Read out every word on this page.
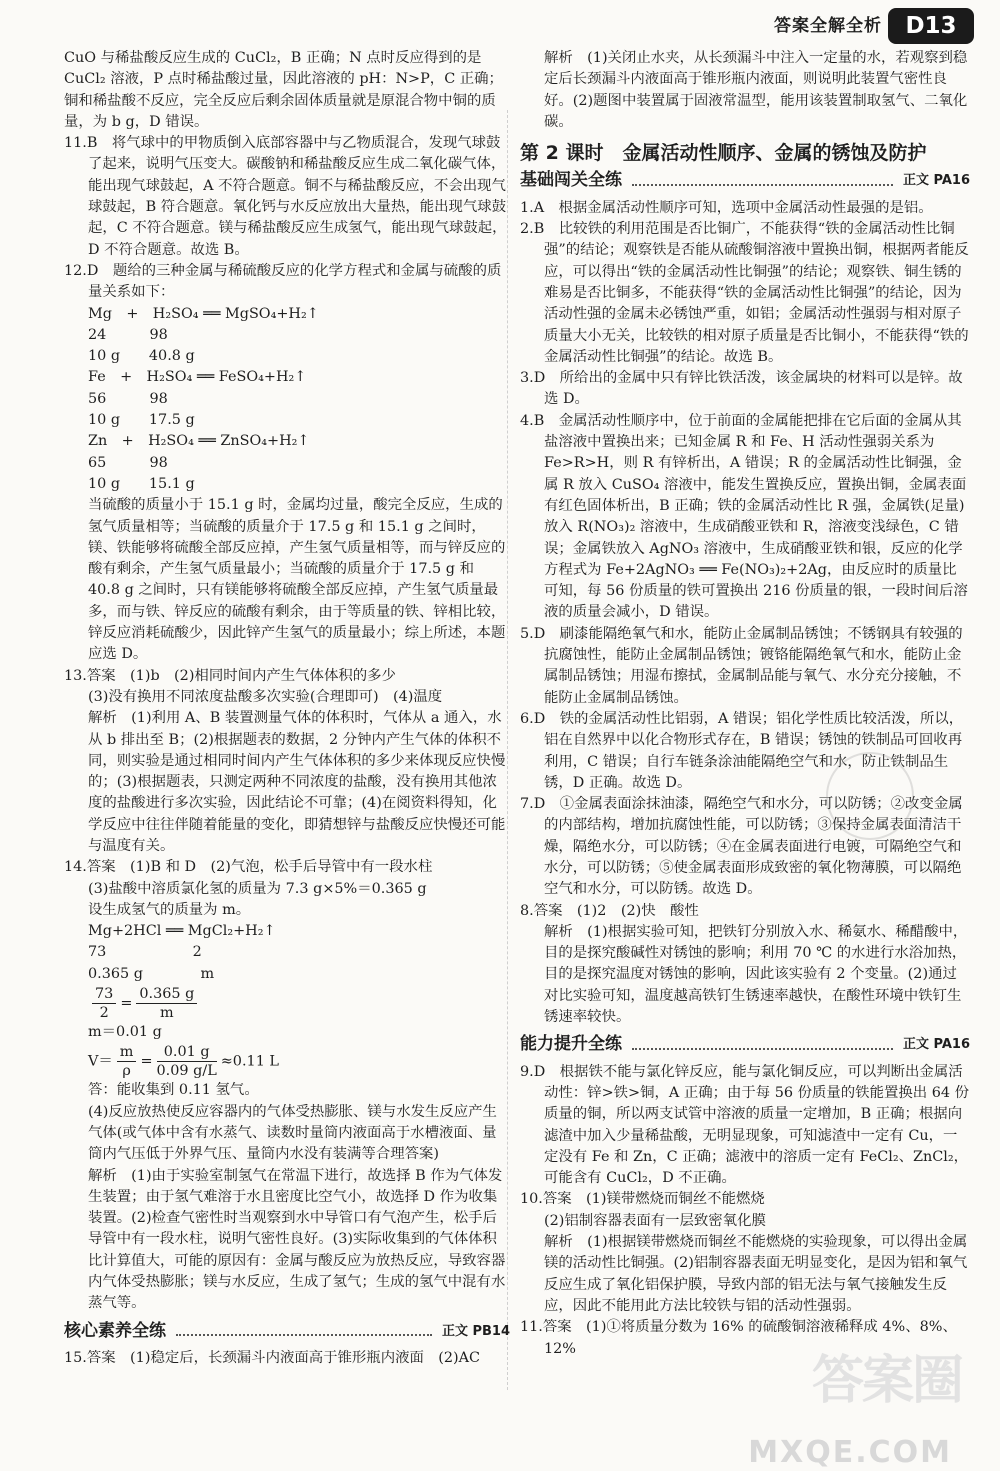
答案全解全析	D13

CuO 与稀盐酸反应生成的 CuCl₂，B 正确；N 点时反应得到的是 CuCl₂ 溶液，P 点时稀盐酸过量，因此溶液的 pH：N>P，C 正确；铜和稀盐酸不反应，完全反应后剩余固体质量就是原混合物中铜的质量，为 b g，D 错误。

11.B　将气球中的甲物质倒入底部容器中与乙物质混合，发现气球鼓了起来，说明气压变大。碳酸钠和稀盐酸反应生成二氧化碳气体，能出现气球鼓起，A 不符合题意。铜不与稀盐酸反应，不会出现气球鼓起，B 符合题意。氧化钙与水反应放出大量热，能出现气球鼓起，C 不符合题意。镁与稀盐酸反应生成氢气，能出现气球鼓起，D 不符合题意。故选 B。

12.D　题给的三种金属与稀硫酸反应的化学方程式和金属与硫酸的质量关系如下：

Mg　+　H₂SO₄ ══ MgSO₄+H₂↑

24　　　98

10 g　　40.8 g

Fe　+　H₂SO₄ ══ FeSO₄+H₂↑

56　　　98

10 g　　17.5 g

Zn　+　H₂SO₄ ══ ZnSO₄+H₂↑

65　　　98

10 g　　15.1 g

当硫酸的质量小于 15.1 g 时，金属均过量，酸完全反应，生成的氢气质量相等；当硫酸的质量介于 17.5 g 和 15.1 g 之间时，镁、铁能够将硫酸全部反应掉，产生氢气质量相等，而与锌反应的酸有剩余，产生氢气质量最小；当硫酸的质量介于 17.5 g 和 40.8 g 之间时，只有镁能够将硫酸全部反应掉，产生氢气质量最多，而与铁、锌反应的硫酸有剩余，由于等质量的铁、锌相比较，锌反应消耗硫酸少，因此锌产生氢气的质量最小；综上所述，本题应选 D。

13.答案　(1)b　(2)相同时间内产生气体体积的多少

(3)没有换用不同浓度盐酸多次实验(合理即可)　(4)温度

解析　(1)利用 A、B 装置测量气体的体积时，气体从 a 通入，水从 b 排出至 B；(2)根据题表的数据，2 分钟内产生气体的体积不同，则实验是通过相同时间内产生气体体积的多少来体现反应快慢的；(3)根据题表，只测定两种不同浓度的盐酸，没有换用其他浓度的盐酸进行多次实验，因此结论不可靠；(4)在阅资料得知，化学反应中往往伴随着能量的变化，即猜想锌与盐酸反应快慢还可能与温度有关。

14.答案　(1)B 和 D　(2)气泡，松手后导管中有一段水柱

(3)盐酸中溶质氯化氢的质量为 7.3 g×5%＝0.365 g

设生成氢气的质量为 m。

Mg+2HCl ══ MgCl₂+H₂↑

73　　　　　　2

0.365 g　　　　m

$\frac{73}{2} = \frac{0.365 g}{m}$

m＝0.01 g

$V= \frac{m}{\rho} = \frac{0.01 g}{0.09 g/L} \approx 0.11$ L

答：能收集到 0.11 氢气。

(4)反应放热使反应容器内的气体受热膨胀、镁与水发生反应产生气体(或气体中含有水蒸气、读数时量筒内液面高于水槽液面、量筒内气压低于外界气压、量筒内水没有装满等合理答案)

解析　(1)由于实验室制氢气在常温下进行，故选择 B 作为气体发生装置；由于氢气难溶于水且密度比空气小，故选择 D 作为收集装置。(2)检查气密性时当观察到水中导管口有气泡产生，松手后导管中有一段水柱，说明气密性良好。(3)实际收集到的气体体积比计算值大，可能的原因有：金属与酸反应为放热反应，导致容器内气体受热膨胀；镁与水反应，生成了氢气；生成的氢气中混有水蒸气等。

核心素养全练	正文 PB14

15.答案　(1)稳定后，长颈漏斗内液面高于锥形瓶内液面　(2)AC

解析　(1)关闭止水夹，从长颈漏斗中注入一定量的水，若观察到稳定后长颈漏斗内液面高于锥形瓶内液面，则说明此装置气密性良好。(2)题图中装置属于固液常温型，能用该装置制取氢气、二氧化碳。

第 2 课时　金属活动性顺序、金属的锈蚀及防护
基础闯关全练	正文 PA16

1.A　根据金属活动性顺序可知，选项中金属活动性最强的是铝。

2.B　比较铁的利用范围是否比铜广，不能获得“铁的金属活动性比铜强”的结论；观察铁是否能从硫酸铜溶液中置换出铜，根据两者能反应，可以得出“铁的金属活动性比铜强”的结论；观察铁、铜生锈的难易是否比铜多，不能获得“铁的金属活动性比铜强”的结论，因为活动性强的金属未必锈蚀严重，如铝；金属活动性强弱与相对原子质量大小无关，比较铁的相对原子质量是否比铜小，不能获得“铁的金属活动性比铜强”的结论。故选 B。

3.D　所给出的金属中只有锌比铁活泼，该金属块的材料可以是锌。故选 D。

4.B　金属活动性顺序中，位于前面的金属能把排在它后面的金属从其盐溶液中置换出来；已知金属 R 和 Fe、H 活动性强弱关系为 Fe>R>H，则 R 有锌析出，A 错误；R 的金属活动性比铜强，金属 R 放入 CuSO₄ 溶液中，能发生置换反应，置换出铜，金属表面有红色固体析出，B 正确；铁的金属活动性比 R 强，金属铁(足量)放入 R(NO₃)₂ 溶液中，生成硝酸亚铁和 R，溶液变浅绿色，C 错误；金属铁放入 AgNO₃ 溶液中，生成硝酸亚铁和银，反应的化学方程式为 Fe+2AgNO₃ ══ Fe(NO₃)₂+2Ag，由反应时的质量比可知，每 56 份质量的铁可置换出 216 份质量的银，一段时间后溶液的质量会减小，D 错误。

5.D　刷漆能隔绝氧气和水，能防止金属制品锈蚀；不锈钢具有较强的抗腐蚀性，能防止金属制品锈蚀；镀铬能隔绝氧气和水，能防止金属制品锈蚀；用湿布擦拭，金属制品能与氧气、水分充分接触，不能防止金属制品锈蚀。

6.D　铁的金属活动性比铝弱，A 错误；铝化学性质比较活泼，所以，铝在自然界中以化合物形式存在，B 错误；锈蚀的铁制品可回收再利用，C 错误；自行车链条涂油能隔绝空气和水，防止铁制品生锈，D 正确。故选 D。

7.D　①金属表面涂抹油漆，隔绝空气和水分，可以防锈；②改变金属的内部结构，增加抗腐蚀性能，可以防锈；③保持金属表面清洁干燥，隔绝水分，可以防锈；④在金属表面进行电镀，可隔绝空气和水分，可以防锈；⑤使金属表面形成致密的氧化物薄膜，可以隔绝空气和水分，可以防锈。故选 D。

8.答案　(1)2　(2)快　酸性

解析　(1)根据实验可知，把铁钉分别放入水、稀氨水、稀醋酸中，目的是探究酸碱性对锈蚀的影响；利用 70 ℃ 的水进行水浴加热，目的是探究温度对锈蚀的影响，因此该实验有 2 个变量。(2)通过对比实验可知，温度越高铁钉生锈速率越快，在酸性环境中铁钉生锈速率较快。

能力提升全练	正文 PA16

9.D　根据铁不能与氯化锌反应，能与氯化铜反应，可以判断出金属活动性：锌>铁>铜，A 正确；由于每 56 份质量的铁能置换出 64 份质量的铜，所以两支试管中溶液的质量一定增加，B 正确；根据向滤渣中加入少量稀盐酸，无明显现象，可知滤渣中一定有 Cu，一定没有 Fe 和 Zn，C 正确；滤液中的溶质一定有 FeCl₂、ZnCl₂，可能含有 CuCl₂，D 不正确。

10.答案　(1)镁带燃烧而铜丝不能燃烧

(2)铝制容器表面有一层致密氧化膜

解析　(1)根据镁带燃烧而铜丝不能燃烧的实验现象，可以得出金属镁的活动性比铜强。(2)铝制容器表面无明显变化，是因为铝和氧气反应生成了氧化铝保护膜，导致内部的铝无法与氧气接触发生反应，因此不能用此方法比较铁与铝的活动性强弱。

11.答案　(1)①将质量分数为 16% 的硫酸铜溶液稀释成 4%、8%、12%

答案圈
MXQE.COM
